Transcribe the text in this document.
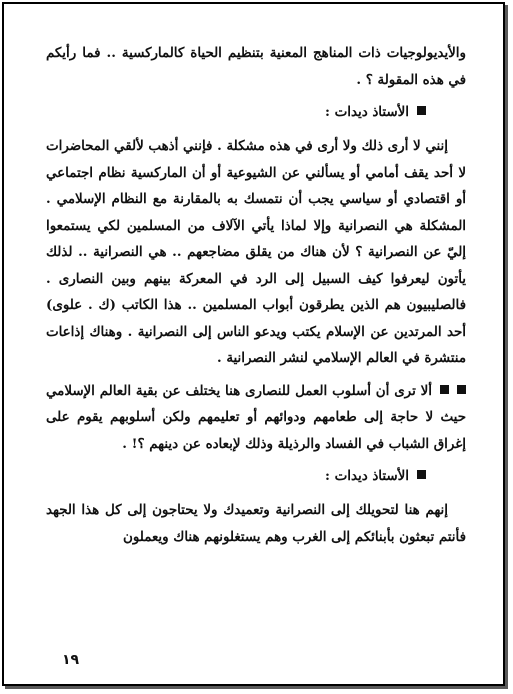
والأيديولوجيات ذات المناهج المعنية بتنظيم الحياة كالماركسية .. فما رأيكم في هذه المقولة ؟ .

الأستاذ ديدات :

إنني لا أرى ذلك ولا أرى في هذه مشكلة . فإنني أذهب لألقي المحاضرات لا أحد يقف أمامي أو يسألني عن الشيوعية أو أن الماركسية نظام اجتماعي أو اقتصادي أو سياسي يجب أن نتمسك به بالمقارنة مع النظام الإسلامي . المشكلة هي النصرانية وإلا لماذا يأتي الآلاف من المسلمين لكي يستمعوا إليّ عن النصرانية ؟ لأن هناك من يقلق مضاجعهم .. هي النصرانية .. لذلك يأتون ليعرفوا كيف السبيل إلى الرد في المعركة بينهم وبين النصارى . فالصليبيون هم الذين يطرقون أبواب المسلمين .. هذا الكاتب (ك . علوى) أحد المرتدين عن الإسلام يكتب ويدعو الناس إلى النصرانية . وهناك إذاعات منتشرة في العالم الإسلامي لنشر النصرانية .

ألا ترى أن أسلوب العمل للنصارى هنا يختلف عن بقية العالم الإسلامي حيث لا حاجة إلى طعامهم ودوائهم أو تعليمهم ولكن أسلوبهم يقوم على إغراق الشباب في الفساد والرذيلة وذلك لإبعاده عن دينهم ؟! .

الأستاذ ديدات :

إنهم هنا لتحويلك إلى النصرانية وتعميدك ولا يحتاجون إلى كل هذا الجهد فأنتم تبعثون بأبنائكم إلى الغرب وهم يستغلونهم هناك ويعملون

١٩
